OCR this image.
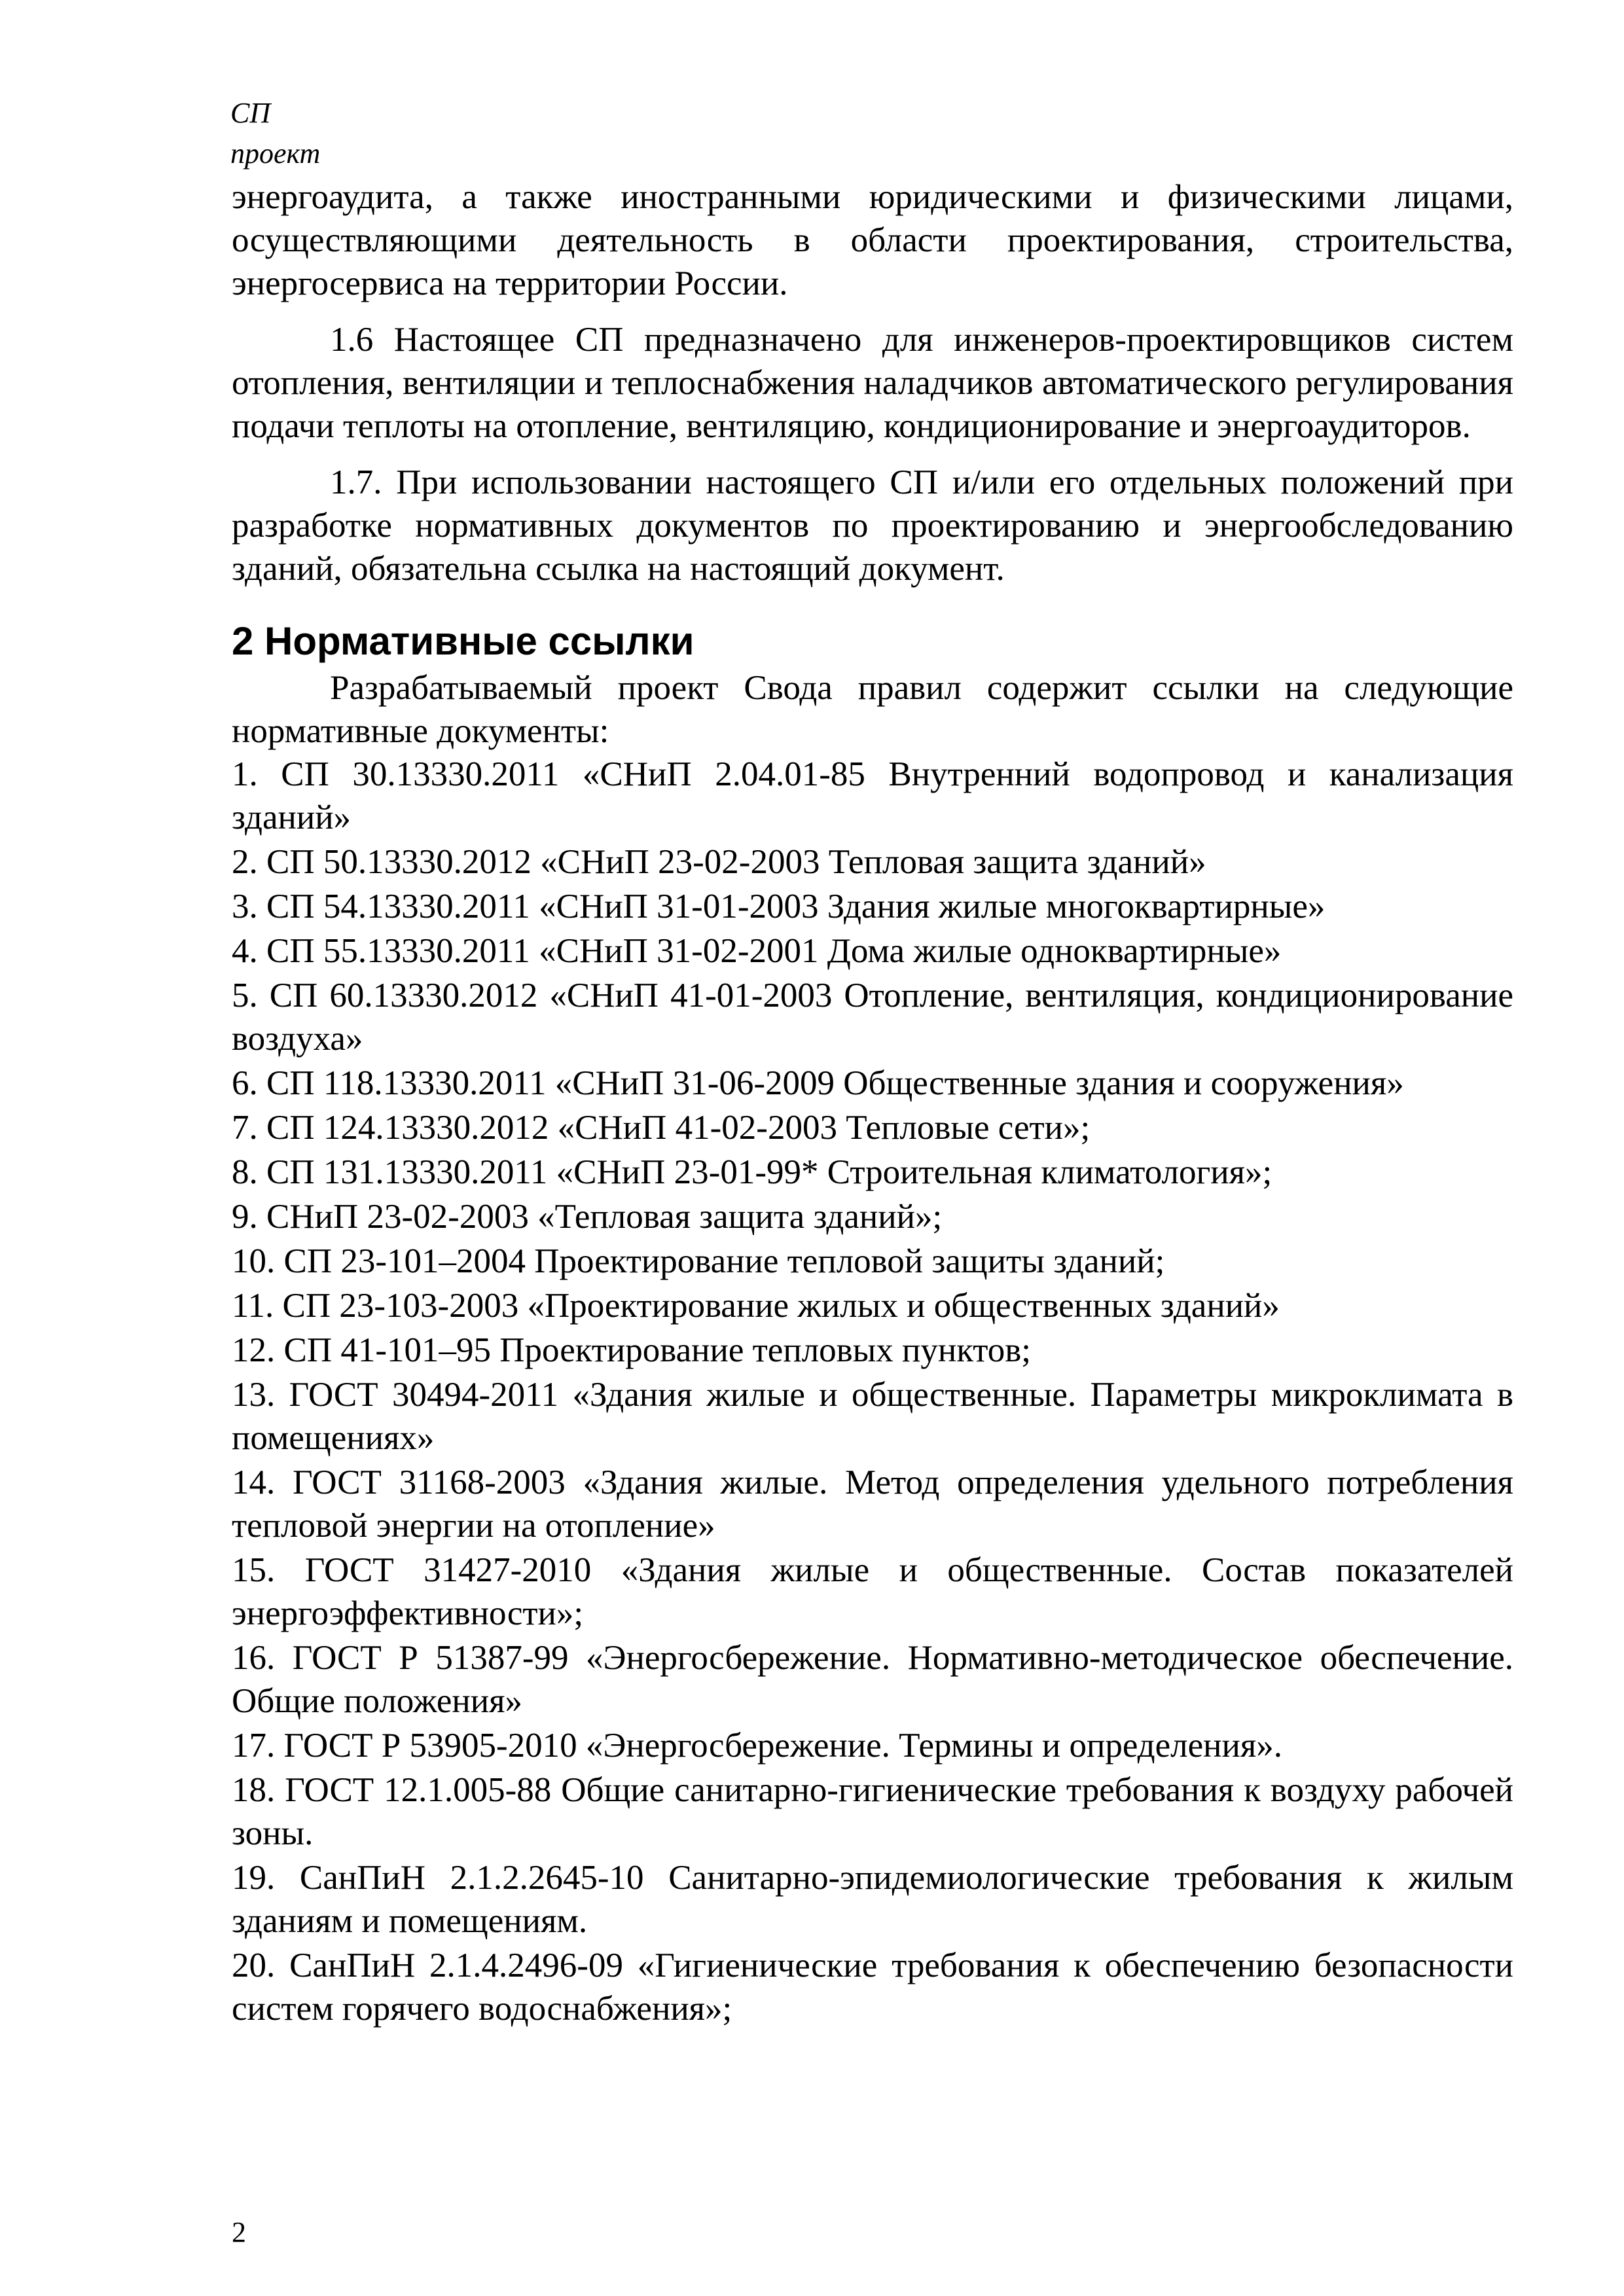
СП
проект

энергоаудита, а также иностранными юридическими и физическими лицами, осуществляющими деятельность в области проектирования, строительства, энергосервиса на территории России.

1.6 Настоящее СП предназначено для инженеров-проектировщиков систем отопления, вентиляции и теплоснабжения наладчиков автоматического регулирования подачи теплоты на отопление, вентиляцию, кондиционирование и энергоаудиторов.

1.7. При использовании настоящего СП и/или его отдельных положений при разработке нормативных документов по проектированию и энергообследованию зданий, обязательна ссылка на настоящий документ.

2 Нормативные ссылки

Разрабатываемый проект Свода правил содержит ссылки на следующие нормативные документы:

1. СП 30.13330.2011 «СНиП 2.04.01-85 Внутренний водопровод и канализация зданий»
2. СП 50.13330.2012 «СНиП 23-02-2003 Тепловая защита зданий»
3. СП 54.13330.2011 «СНиП 31-01-2003 Здания жилые многоквартирные»
4. СП 55.13330.2011 «СНиП 31-02-2001 Дома жилые одноквартирные»
5. СП 60.13330.2012 «СНиП 41-01-2003 Отопление, вентиляция, кондиционирование воздуха»
6. СП 118.13330.2011 «СНиП 31-06-2009 Общественные здания и сооружения»
7. СП 124.13330.2012 «СНиП 41-02-2003 Тепловые сети»;
8. СП 131.13330.2011 «СНиП 23-01-99* Строительная климатология»;
9. СНиП 23-02-2003 «Тепловая защита зданий»;
10. СП 23-101–2004 Проектирование тепловой защиты зданий;
11. СП 23-103-2003 «Проектирование жилых и общественных зданий»
12. СП 41-101–95 Проектирование тепловых пунктов;
13. ГОСТ 30494-2011 «Здания жилые и общественные. Параметры микроклимата в помещениях»
14. ГОСТ 31168-2003 «Здания жилые. Метод определения удельного потребления тепловой энергии на отопление»
15. ГОСТ 31427-2010 «Здания жилые и общественные. Состав показателей энергоэффективности»;
16. ГОСТ Р 51387-99 «Энергосбережение. Нормативно-методическое обеспечение. Общие положения»
17. ГОСТ Р 53905-2010 «Энергосбережение. Термины и определения».
18. ГОСТ 12.1.005-88 Общие санитарно-гигиенические требования к воздуху рабочей зоны.
19. СанПиН 2.1.2.2645-10 Санитарно-эпидемиологические требования к жилым зданиям и помещениям.
20. СанПиН 2.1.4.2496-09 «Гигиенические требования к обеспечению безопасности систем горячего водоснабжения»;
2
